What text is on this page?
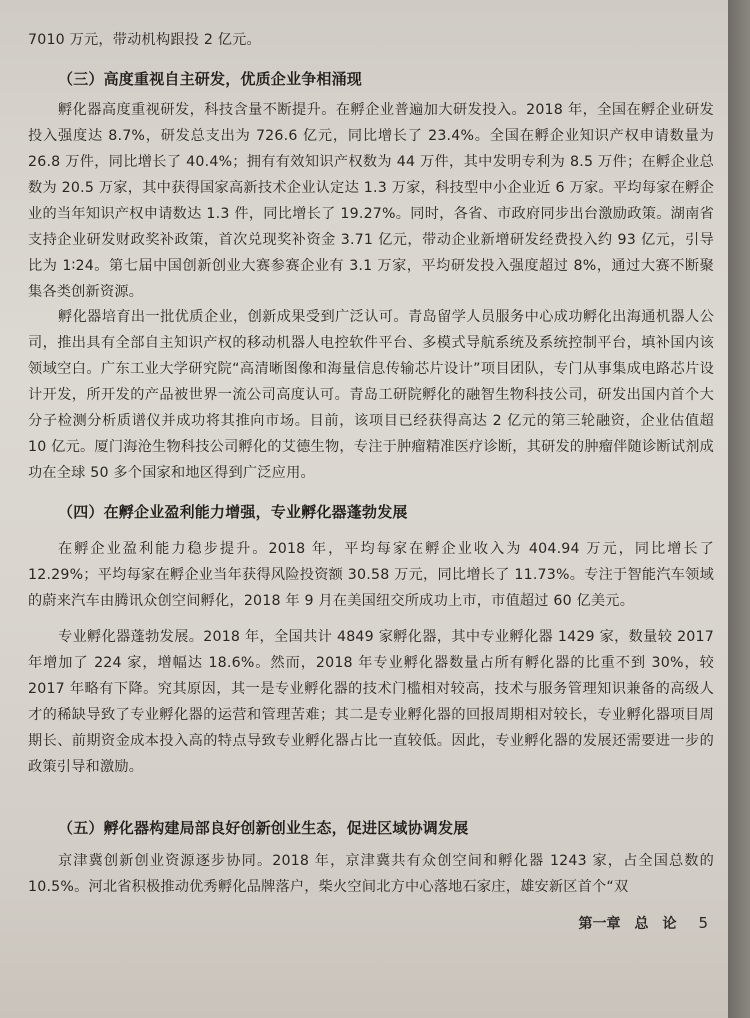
7010 万元，带动机构跟投 2 亿元。

（三）高度重视自主研发，优质企业争相涌现

孵化器高度重视研发，科技含量不断提升。在孵企业普遍加大研发投入。2018 年，全国在孵企业研发投入强度达 8.7%，研发总支出为 726.6 亿元，同比增长了 23.4%。全国在孵企业知识产权申请数量为 26.8 万件，同比增长了 40.4%；拥有有效知识产权数为 44 万件，其中发明专利为 8.5 万件；在孵企业总数为 20.5 万家，其中获得国家高新技术企业认定达 1.3 万家，科技型中小企业近 6 万家。平均每家在孵企业的当年知识产权申请数达 1.3 件，同比增长了 19.27%。同时，各省、市政府同步出台激励政策。湖南省支持企业研发财政奖补政策，首次兑现奖补资金 3.71 亿元，带动企业新增研发经费投入约 93 亿元，引导比为 1∶24。第七届中国创新创业大赛参赛企业有 3.1 万家，平均研发投入强度超过 8%，通过大赛不断聚集各类创新资源。

孵化器培育出一批优质企业，创新成果受到广泛认可。青岛留学人员服务中心成功孵化出海通机器人公司，推出具有全部自主知识产权的移动机器人电控软件平台、多模式导航系统及系统控制平台，填补国内该领域空白。广东工业大学研究院“高清晰图像和海量信息传输芯片设计”项目团队，专门从事集成电路芯片设计开发，所开发的产品被世界一流公司高度认可。青岛工研院孵化的融智生物科技公司，研发出国内首个大分子检测分析质谱仪并成功将其推向市场。目前，该项目已经获得高达 2 亿元的第三轮融资，企业估值超 10 亿元。厦门海沧生物科技公司孵化的艾德生物，专注于肿瘤精准医疗诊断，其研发的肿瘤伴随诊断试剂成功在全球 50 多个国家和地区得到广泛应用。

（四）在孵企业盈利能力增强，专业孵化器蓬勃发展

在孵企业盈利能力稳步提升。2018 年，平均每家在孵企业收入为 404.94 万元，同比增长了 12.29%；平均每家在孵企业当年获得风险投资额 30.58 万元，同比增长了 11.73%。专注于智能汽车领域的蔚来汽车由腾讯众创空间孵化，2018 年 9 月在美国纽交所成功上市，市值超过 60 亿美元。

专业孵化器蓬勃发展。2018 年，全国共计 4849 家孵化器，其中专业孵化器 1429 家，数量较 2017 年增加了 224 家，增幅达 18.6%。然而，2018 年专业孵化器数量占所有孵化器的比重不到 30%，较 2017 年略有下降。究其原因，其一是专业孵化器的技术门槛相对较高，技术与服务管理知识兼备的高级人才的稀缺导致了专业孵化器的运营和管理苦难；其二是专业孵化器的回报周期相对较长，专业孵化器项目周期长、前期资金成本投入高的特点导致专业孵化器占比一直较低。因此，专业孵化器的发展还需要进一步的政策引导和激励。

（五）孵化器构建局部良好创新创业生态，促进区域协调发展

京津冀创新创业资源逐步协同。2018 年，京津冀共有众创空间和孵化器 1243 家，占全国总数的 10.5%。河北省积极推动优秀孵化品牌落户，柴火空间北方中心落地石家庄，雄安新区首个“双

第一章　总　论 5
